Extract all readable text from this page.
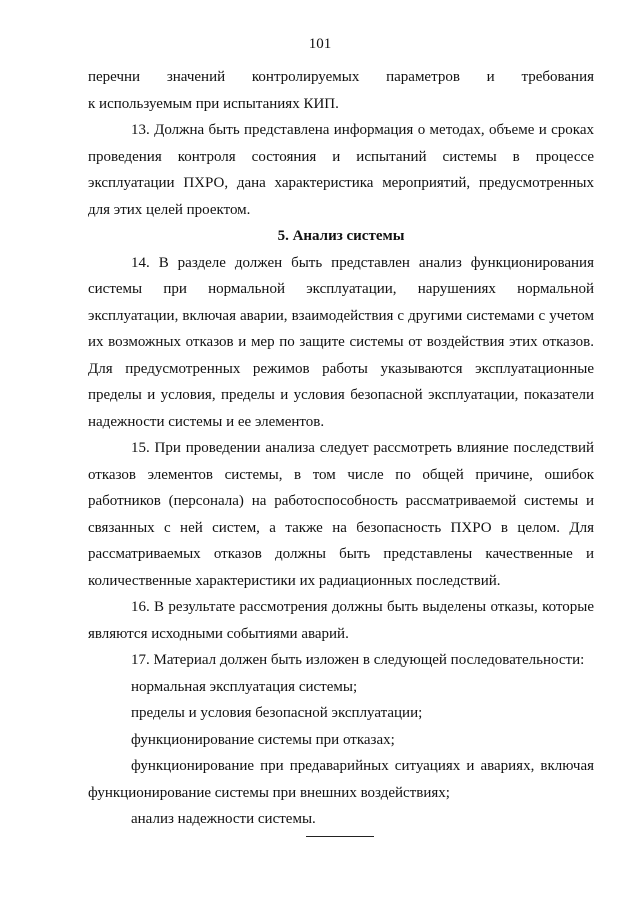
101
перечни значений контролируемых параметров и требования

к используемым при испытаниях КИП.

13. Должна быть представлена информация о методах, объеме и сроках проведения контроля состояния и испытаний системы в процессе эксплуатации ПХРО, дана характеристика мероприятий, предусмотренных для этих целей проектом.

5. Анализ системы

14. В разделе должен быть представлен анализ функционирования системы при нормальной эксплуатации, нарушениях нормальной эксплуатации, включая аварии, взаимодействия с другими системами с учетом их возможных отказов и мер по защите системы от воздействия этих отказов. Для предусмотренных режимов работы указываются эксплуатационные пределы и условия, пределы и условия безопасной эксплуатации, показатели надежности системы и ее элементов.

15. При проведении анализа следует рассмотреть влияние последствий отказов элементов системы, в том числе по общей причине, ошибок работников (персонала) на работоспособность рассматриваемой системы и связанных с ней систем, а также на безопасность ПХРО в целом. Для рассматриваемых отказов должны быть представлены качественные и количественные характеристики их радиационных последствий.

16. В результате рассмотрения должны быть выделены отказы, которые являются исходными событиями аварий.

17. Материал должен быть изложен в следующей последовательности:

нормальная эксплуатация системы;

пределы и условия безопасной эксплуатации;

функционирование системы при отказах;

функционирование при предаварийных ситуациях и авариях, включая функционирование системы при внешних воздействиях;

анализ надежности системы.
